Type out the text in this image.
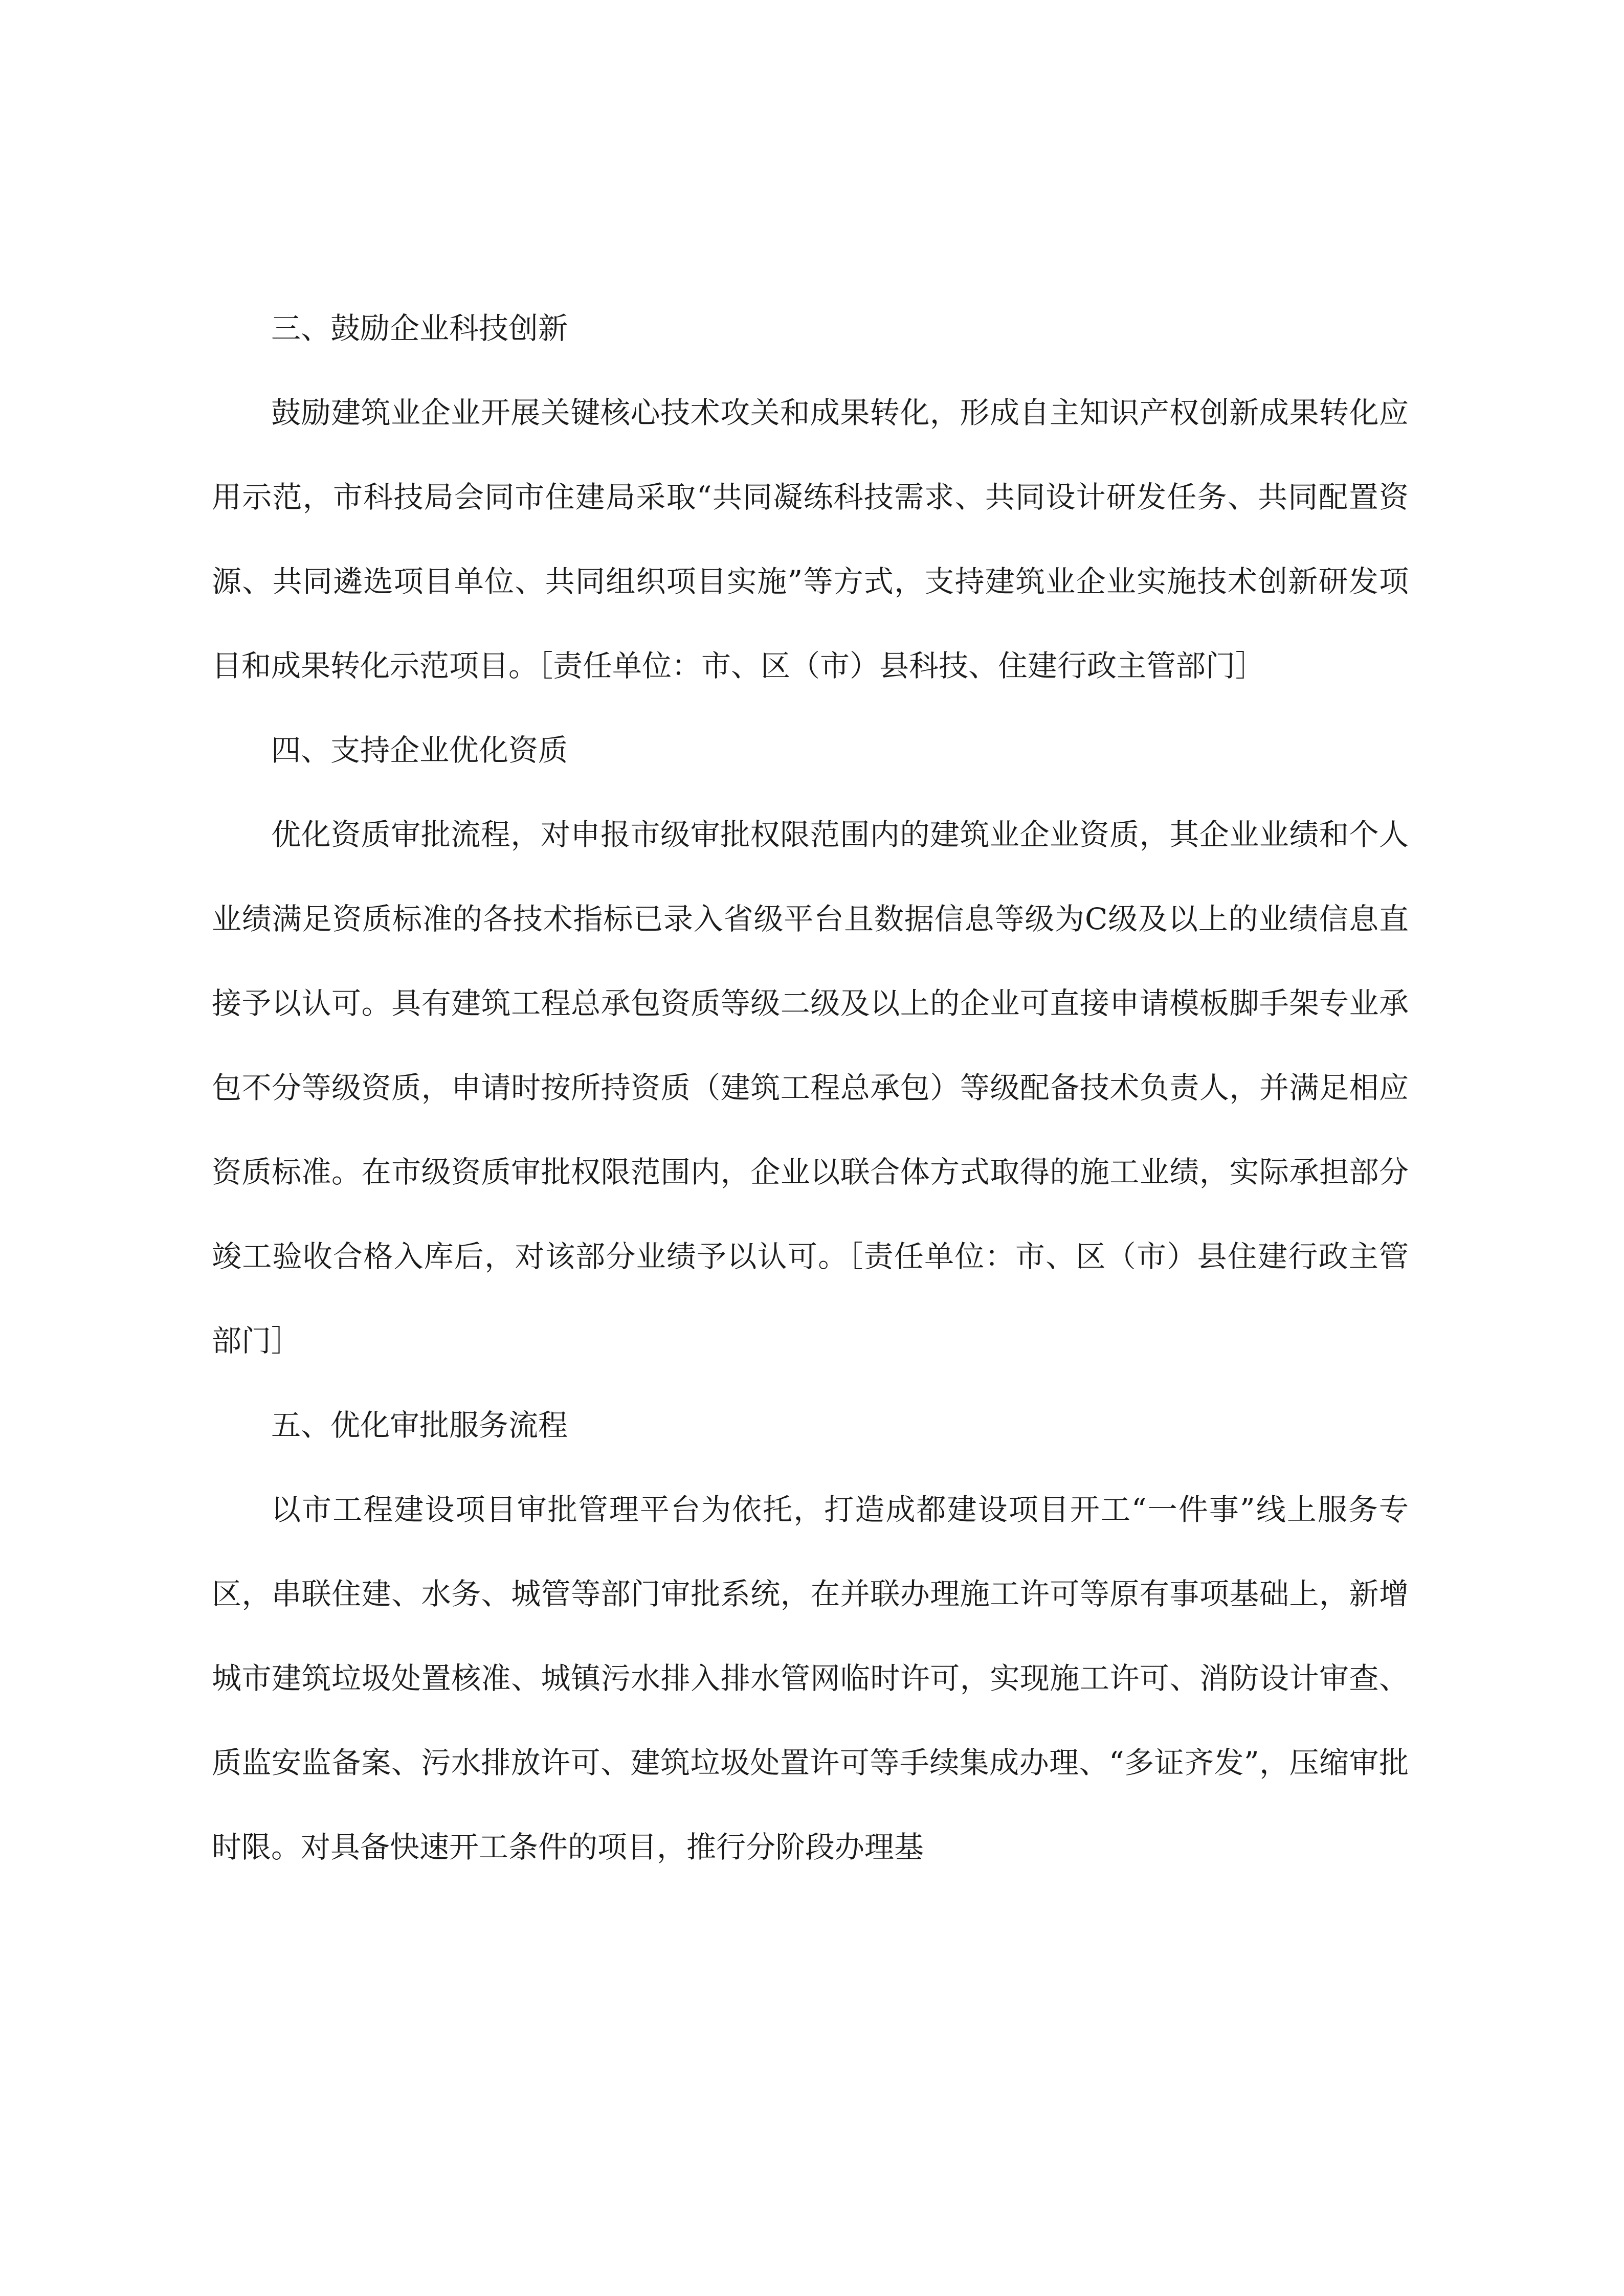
三、鼓励企业科技创新

鼓励建筑业企业开展关键核心技术攻关和成果转化，形成自主知识产权创新成果转化应用示范，市科技局会同市住建局采取“共同凝练科技需求、共同设计研发任务、共同配置资源、共同遴选项目单位、共同组织项目实施”等方式，支持建筑业企业实施技术创新研发项目和成果转化示范项目。［责任单位：市、区（市）县科技、住建行政主管部门］

四、支持企业优化资质

优化资质审批流程，对申报市级审批权限范围内的建筑业企业资质，其企业业绩和个人业绩满足资质标准的各技术指标已录入省级平台且数据信息等级为C级及以上的业绩信息直接予以认可。具有建筑工程总承包资质等级二级及以上的企业可直接申请模板脚手架专业承包不分等级资质，申请时按所持资质（建筑工程总承包）等级配备技术负责人，并满足相应资质标准。在市级资质审批权限范围内，企业以联合体方式取得的施工业绩，实际承担部分竣工验收合格入库后，对该部分业绩予以认可。［责任单位：市、区（市）县住建行政主管部门］

五、优化审批服务流程

以市工程建设项目审批管理平台为依托，打造成都建设项目开工“一件事”线上服务专区，串联住建、水务、城管等部门审批系统，在并联办理施工许可等原有事项基础上，新增城市建筑垃圾处置核准、城镇污水排入排水管网临时许可，实现施工许可、消防设计审查、质监安监备案、污水排放许可、建筑垃圾处置许可等手续集成办理、“多证齐发”，压缩审批时限。对具备快速开工条件的项目，推行分阶段办理基
